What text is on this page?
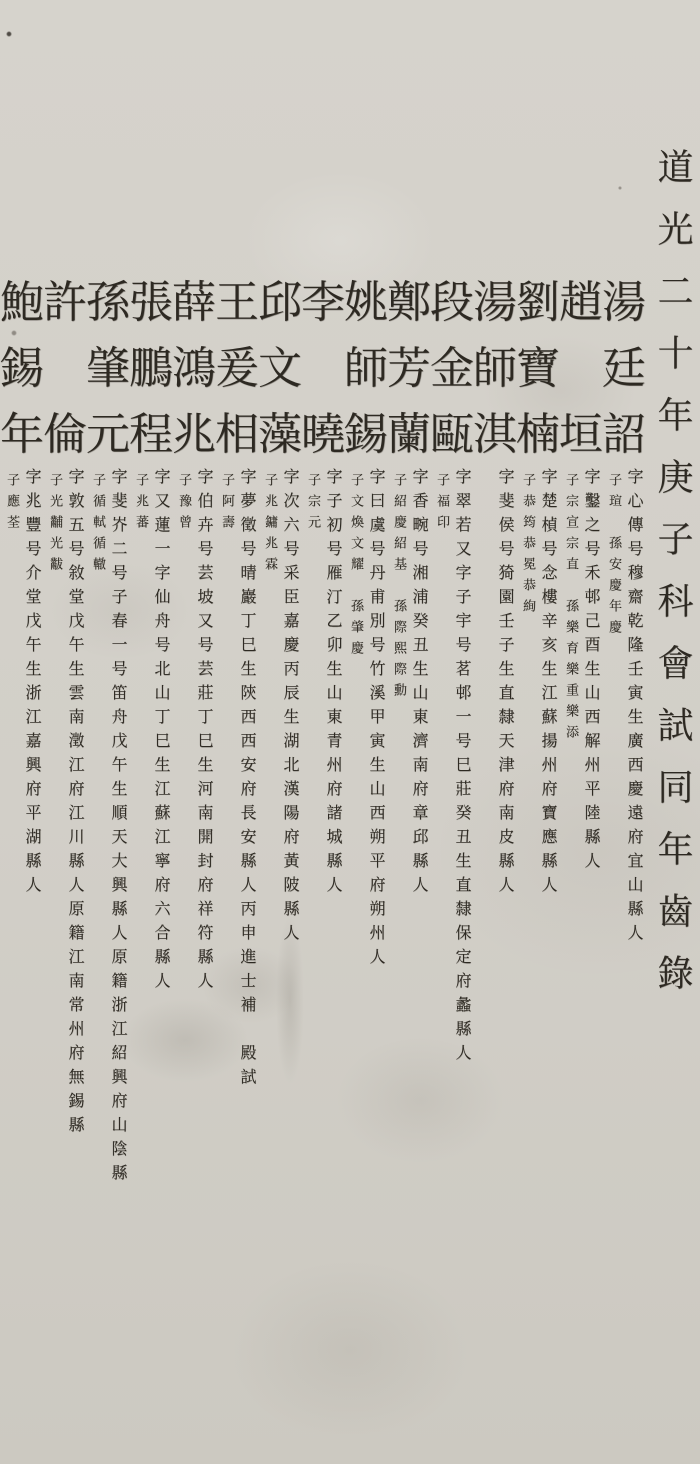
道光二十年庚子科會試同年齒錄
湯
廷
詔
字心傳号穆齋乾隆壬寅生廣西慶遠府宜山縣人
子瑄　孫安慶年慶
趙
垣
字鑿之号禾邨己酉生山西解州平陸縣人
子宗宣宗直　孫樂育樂重樂添
劉
寶
楠
字楚楨号念樓辛亥生江蘇揚州府寶應縣人
子恭筠恭冕恭絢
湯
師
淇
字斐侯号猗園壬子生直隸天津府南皮縣人
段
金
甌
字翠若又字子宇号茗邨一号巳莊癸丑生直隸保定府蠡縣人
子福印
鄭
芳
蘭
字香畹号湘浦癸丑生山東濟南府章邱縣人
子紹慶紹基　孫際熙際勳
姚
師
錫
字曰虞号丹甫別号竹溪甲寅生山西朔平府朔州人
子文煥文耀　孫肇慶
李
曉
字子初号雁汀乙卯生山東青州府諸城縣人
子宗元
邱
文
藻
字次六号采臣嘉慶丙辰生湖北漢陽府黃陂縣人
子兆鏞兆霖
王
爰
相
字夢徵号晴巖丁巳生陝西西安府長安縣人丙申進士補　殿試
子阿壽
薛
鴻
兆
字伯卉号芸坡又号芸莊丁巳生河南開封府祥符縣人
子豫曾
張
鵬
程
字又蓮一字仙舟号北山丁巳生江蘇江寧府六合縣人
子兆蕃
孫
肇
元
字斐岕二号子春一号笛舟戊午生順天大興縣人原籍浙江紹興府山陰縣
子循軾循轍
許
倫
字敦五号敘堂戊午生雲南澂江府江川縣人原籍江南常州府無錫縣
子光黼光黻
鮑
錫
年
字兆豐号介堂戊午生浙江嘉興府平湖縣人
子應荃
